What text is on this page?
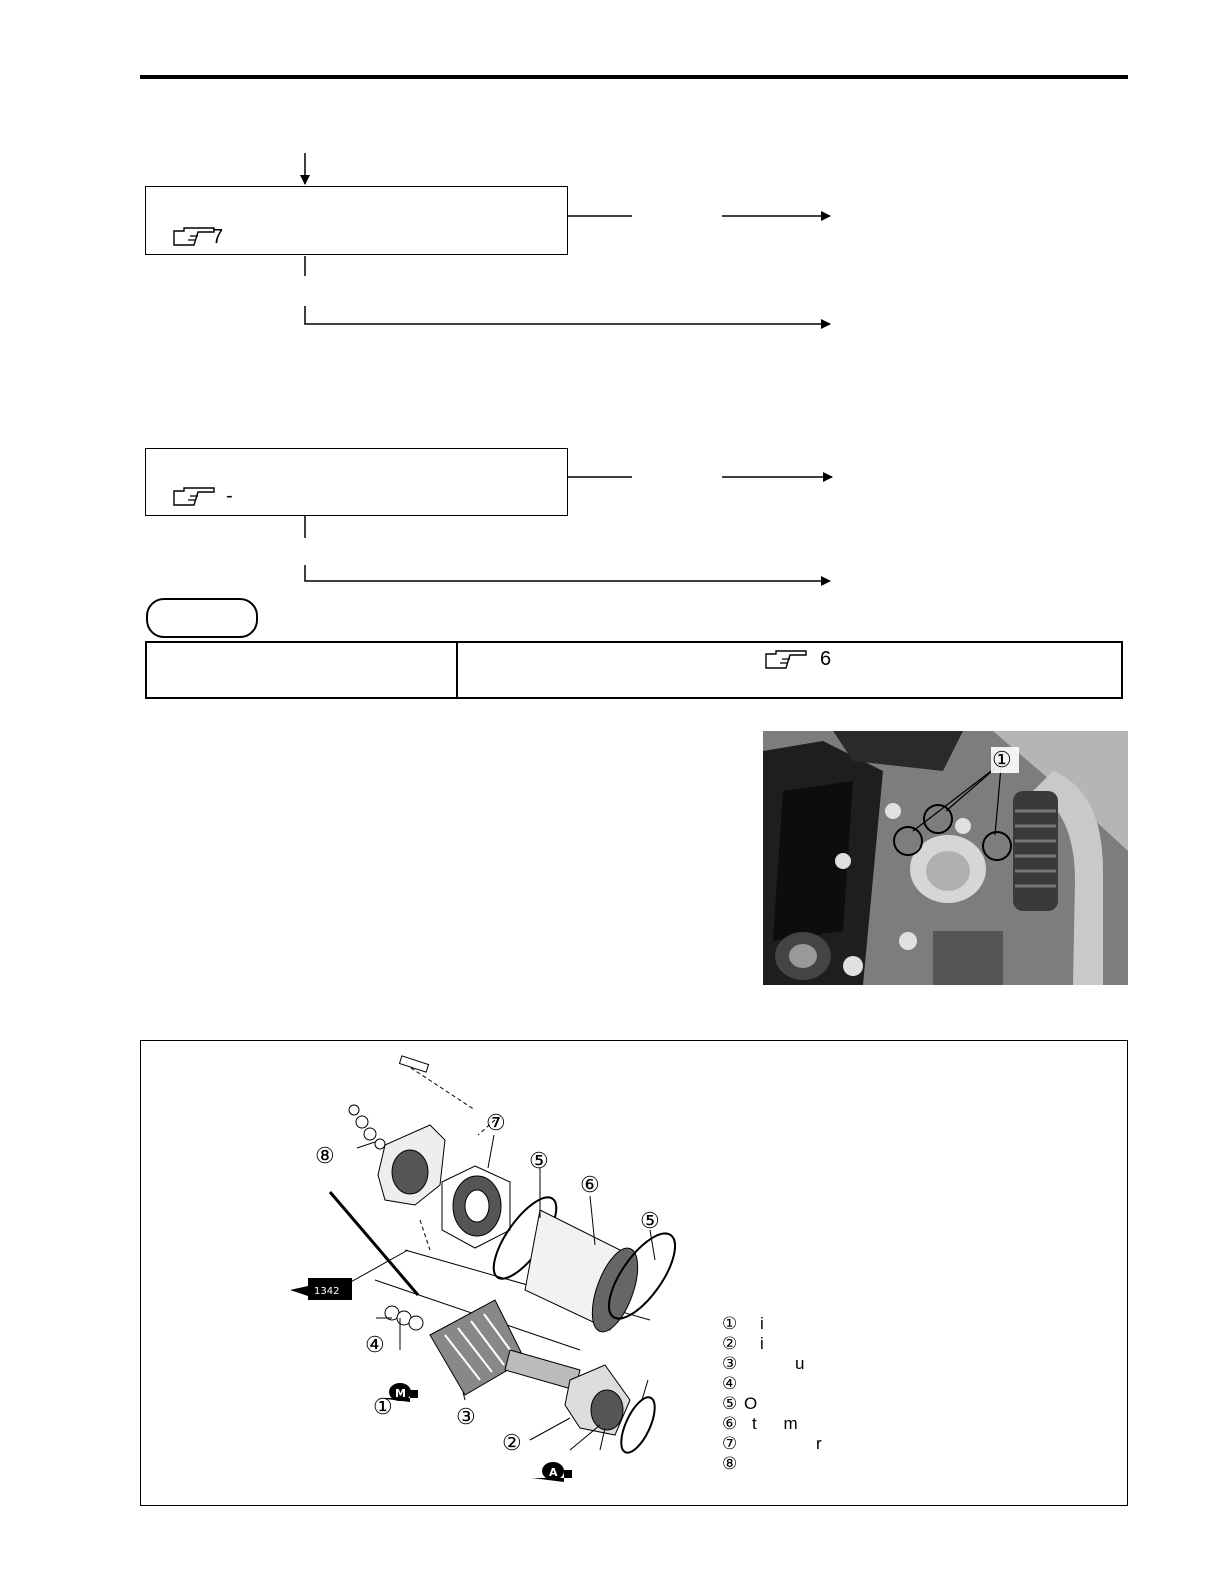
7
-
6
①
1342
M
A
①
②
③
④
⑤
⑤
⑥
⑦
⑧
① i
② i
③	u
④
⑤ O
⑥ t m
⑦	r
⑧
